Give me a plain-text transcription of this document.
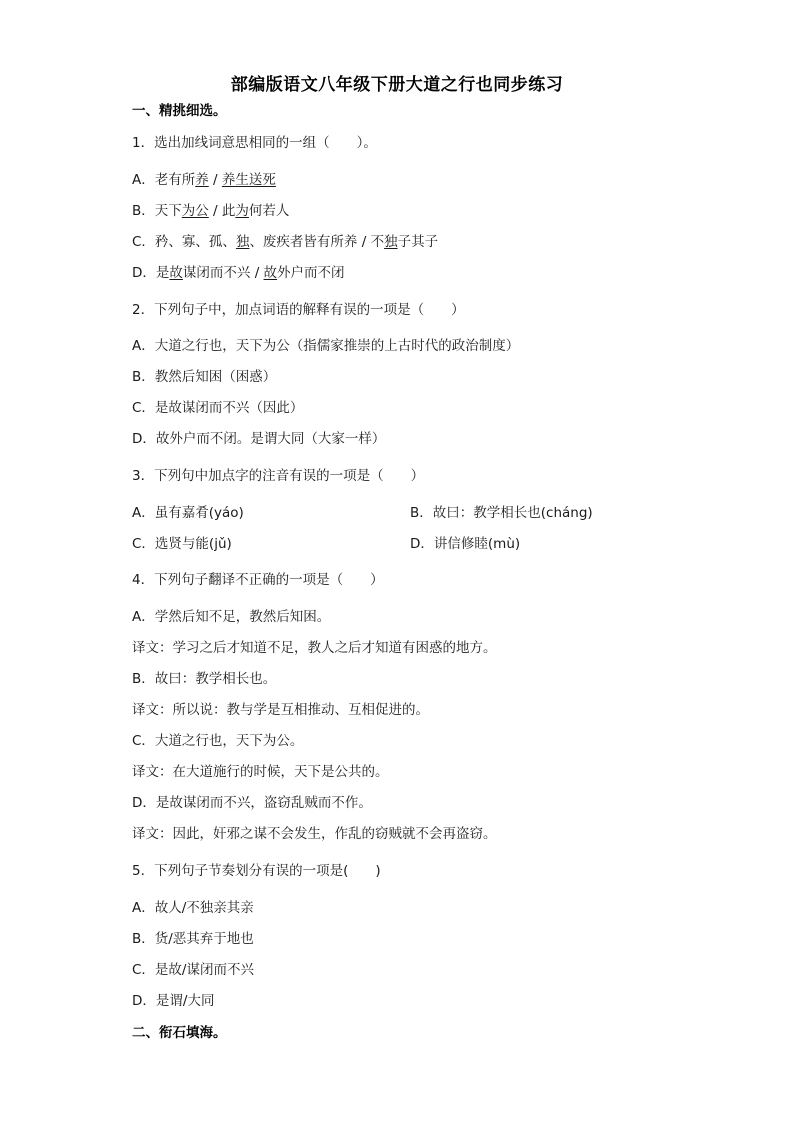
部编版语文八年级下册大道之行也同步练习
一、精挑细选。
1．选出加线词意思相同的一组（　　）。
A．老有所养 / 养生送死
B．天下为公 / 此为何若人
C．矜、寡、孤、独、废疾者皆有所养 / 不独子其子
D．是故谋闭而不兴 / 故外户而不闭
2．下列句子中，加点词语的解释有误的一项是（　　）
A．大道之行也，天下为公（指儒家推崇的上古时代的政治制度）
B．教然后知困（困惑）
C．是故谋闭而不兴（因此）
D．故外户而不闭。是谓大同（大家一样）
3．下列句中加点字的注音有误的一项是（　　）
A．虽有嘉肴(yáo)	B．故曰：教学相长也(cháng)
C．选贤与能(jǔ)	D．讲信修睦(mù)
4．下列句子翻译不正确的一项是（　　）
A．学然后知不足，教然后知困。
译文：学习之后才知道不足，教人之后才知道有困惑的地方。
B．故曰：教学相长也。
译文：所以说：教与学是互相推动、互相促进的。
C．大道之行也，天下为公。
译文：在大道施行的时候，天下是公共的。
D．是故谋闭而不兴，盗窃乱贼而不作。
译文：因此，奸邪之谋不会发生，作乱的窃贼就不会再盗窃。
5．下列句子节奏划分有误的一项是(　　)
A．故人/不独亲其亲
B．货/恶其弃于地也
C．是故/谋闭而不兴
D．是谓/大同
二、衔石填海。
